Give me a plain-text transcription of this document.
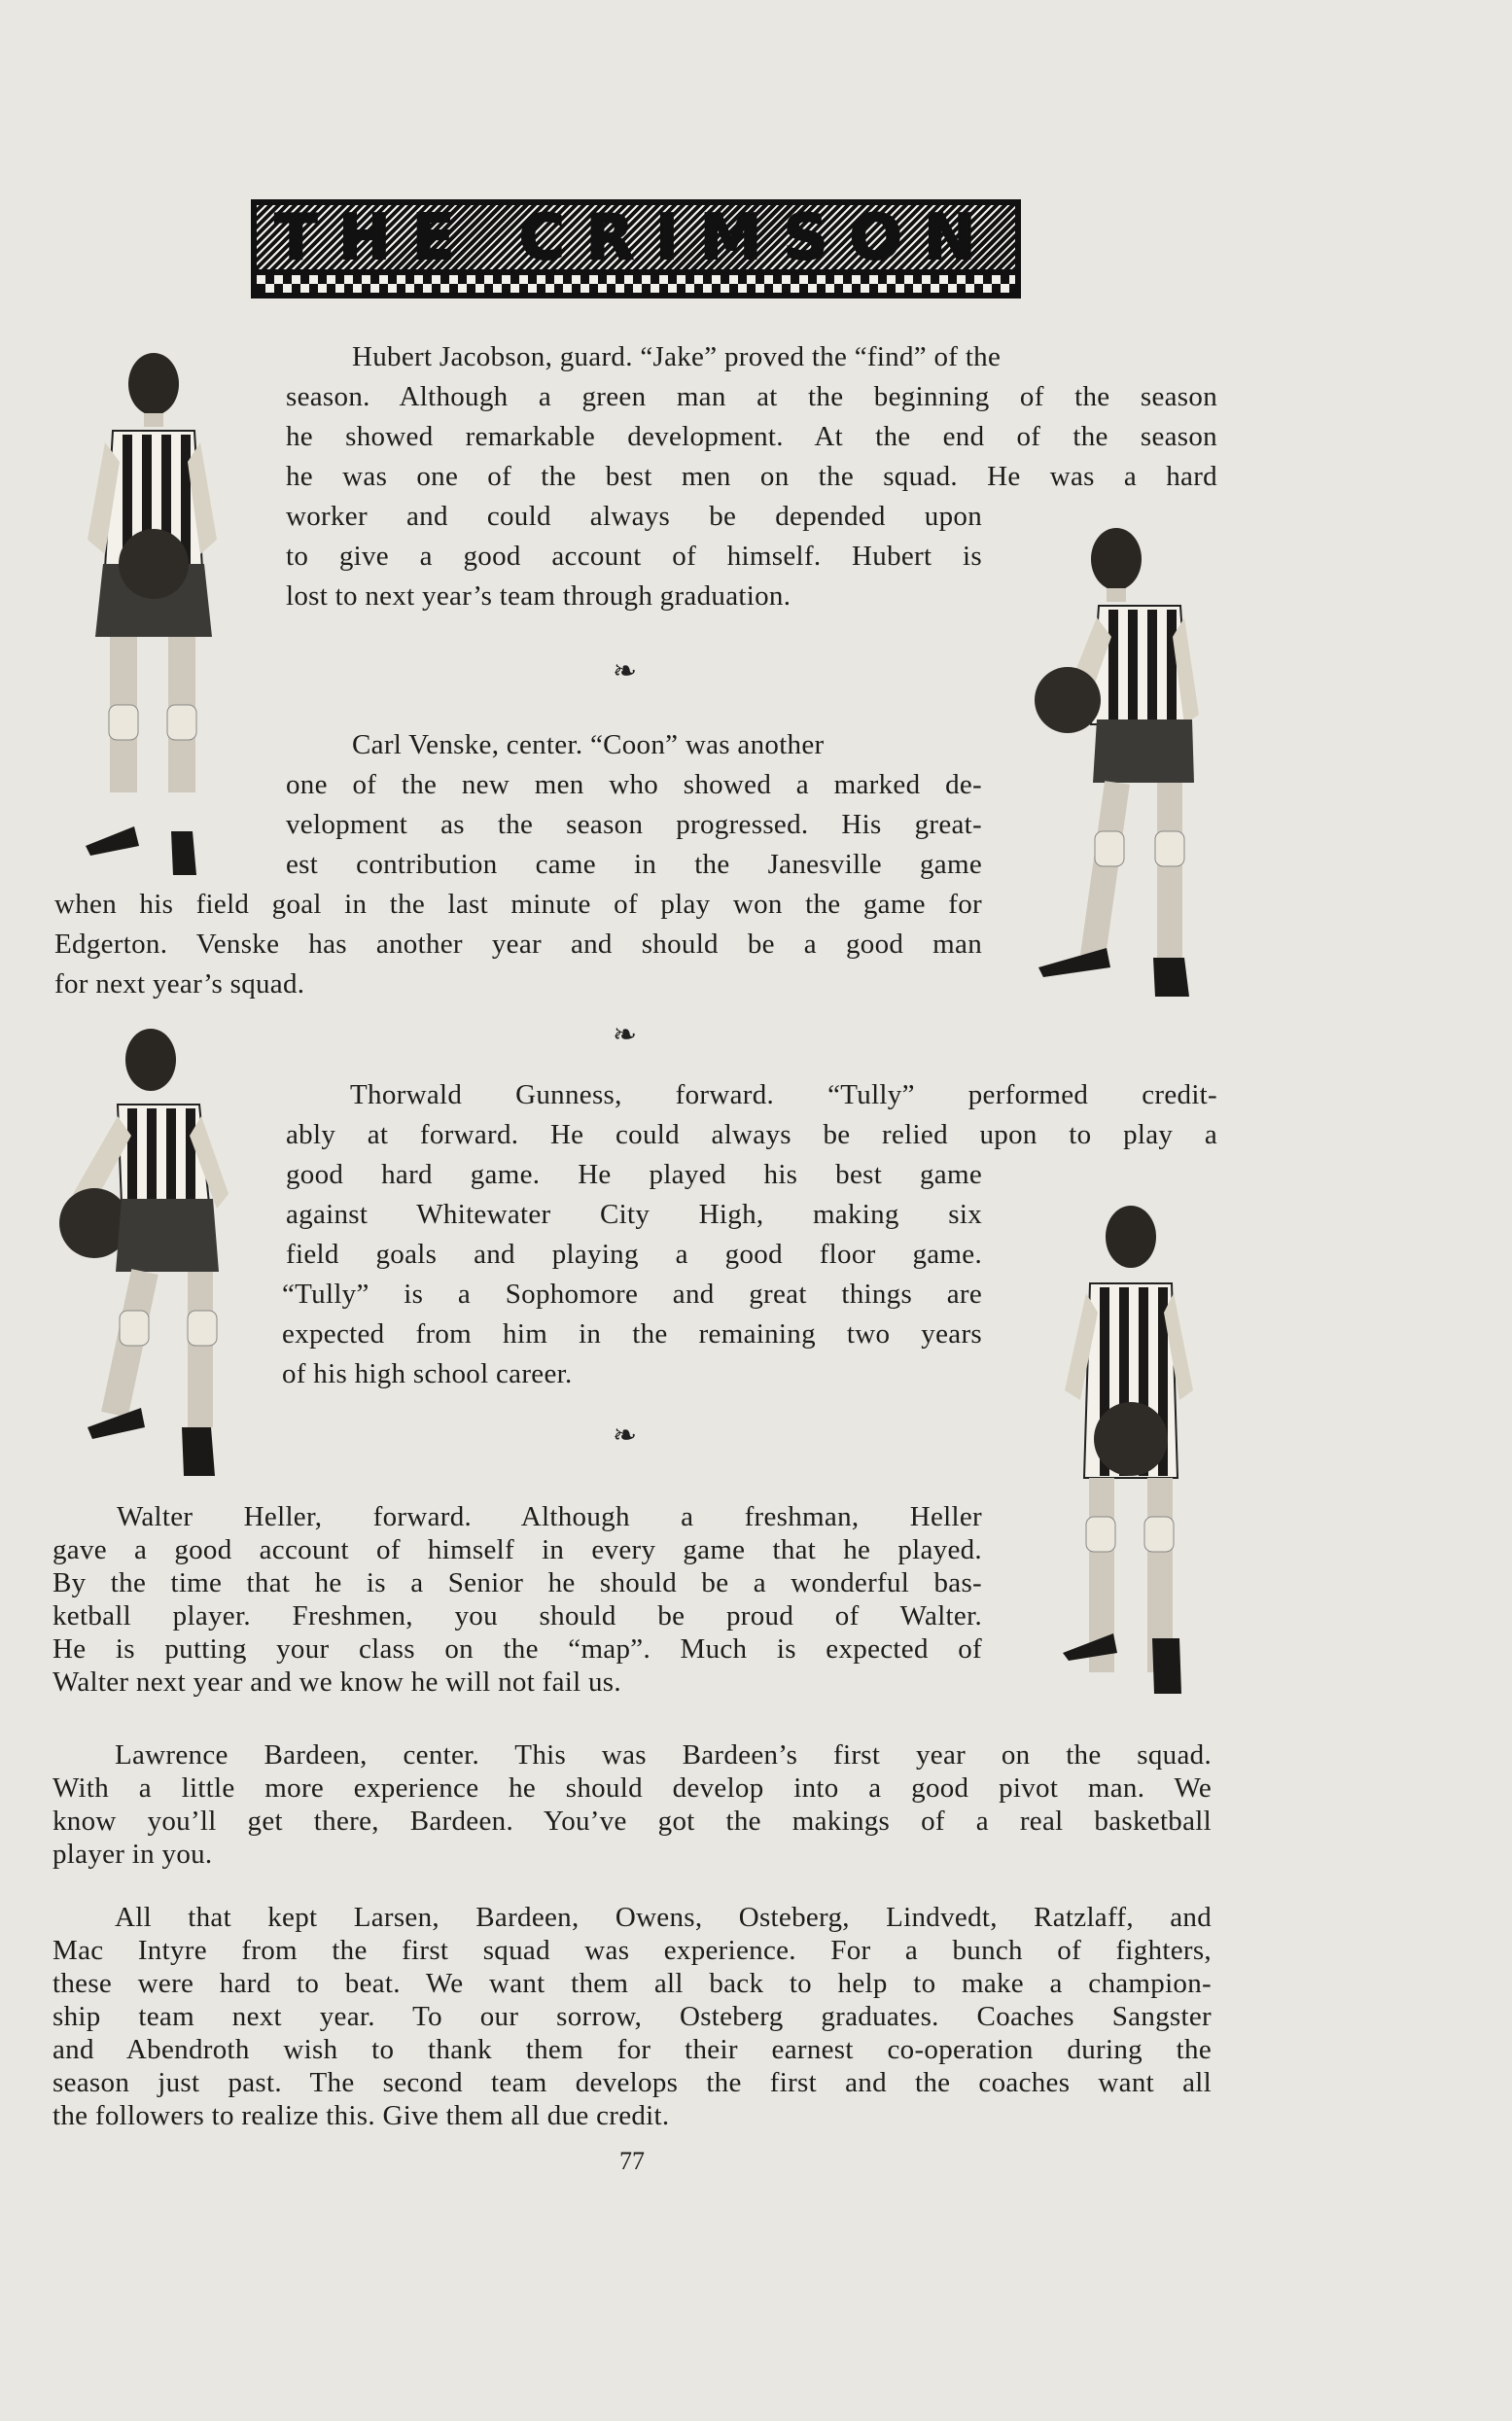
THE CRIMSON

Hubert Jacobson, guard. “Jake” proved the “find” of the

season. Although a green man at the beginning of the season

he showed remarkable development. At the end of the season

he was one of the best men on the squad. He was a hard

worker and could always be depended upon

to give a good account of himself. Hubert is

lost to next year’s team through graduation.

❧

Carl Venske, center. “Coon” was another

one of the new men who showed a marked de-

velopment as the season progressed. His great-

est contribution came in the Janesville game

when his field goal in the last minute of play won the game for

Edgerton. Venske has another year and should be a good man

for next year’s squad.

❧

Thorwald Gunness, forward. “Tully” performed credit-

ably at forward. He could always be relied upon to play a

good hard game. He played his best game

against Whitewater City High, making six

field goals and playing a good floor game.

“Tully” is a Sophomore and great things are

expected from him in the remaining two years

of his high school career.

❧

Walter Heller, forward. Although a freshman, Heller

gave a good account of himself in every game that he played.

By the time that he is a Senior he should be a wonderful bas-

ketball player. Freshmen, you should be proud of Walter.

He is putting your class on the “map”. Much is expected of

Walter next year and we know he will not fail us.

Lawrence Bardeen, center. This was Bardeen’s first year on the squad.

With a little more experience he should develop into a good pivot man. We

know you’ll get there, Bardeen. You’ve got the makings of a real basketball

player in you.

All that kept Larsen, Bardeen, Owens, Osteberg, Lindvedt, Ratzlaff, and

Mac Intyre from the first squad was experience. For a bunch of fighters,

these were hard to beat. We want them all back to help to make a champion-

ship team next year. To our sorrow, Osteberg graduates. Coaches Sangster

and Abendroth wish to thank them for their earnest co-operation during the

season just past. The second team develops the first and the coaches want all

the followers to realize this. Give them all due credit.

77
